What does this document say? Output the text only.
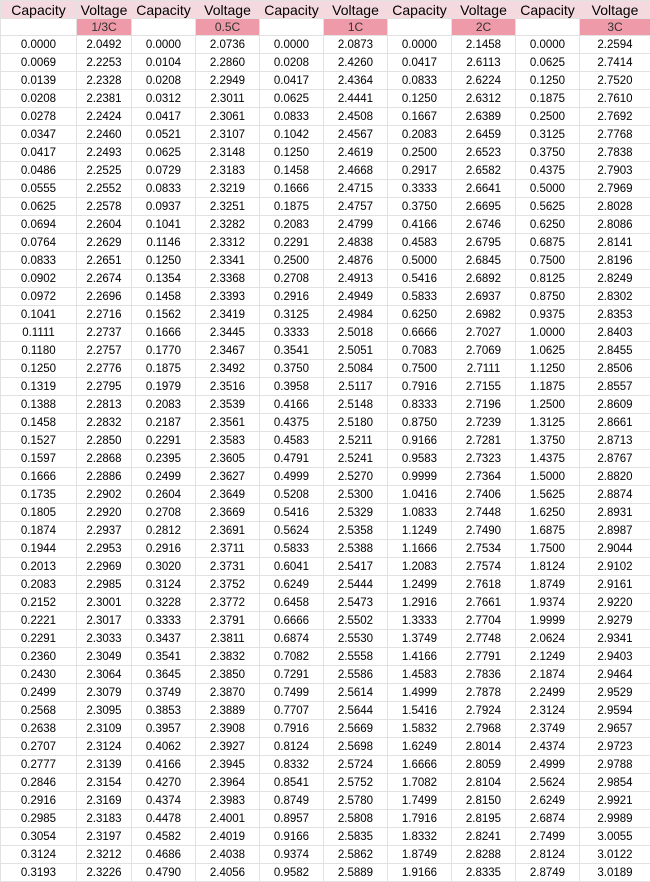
Capacity	Voltage	Capacity	Voltage	Capacity	Voltage	Capacity	Voltage	Capacity	Voltage
	1/3C		0.5C		1C		2C		3C
0.0000	2.0492	0.0000	2.0736	0.0000	2.0873	0.0000	2.1458	0.0000	2.2594
0.0069	2.2253	0.0104	2.2860	0.0208	2.4260	0.0417	2.6113	0.0625	2.7414
0.0139	2.2328	0.0208	2.2949	0.0417	2.4364	0.0833	2.6224	0.1250	2.7520
0.0208	2.2381	0.0312	2.3011	0.0625	2.4441	0.1250	2.6312	0.1875	2.7610
0.0278	2.2424	0.0417	2.3061	0.0833	2.4508	0.1667	2.6389	0.2500	2.7692
0.0347	2.2460	0.0521	2.3107	0.1042	2.4567	0.2083	2.6459	0.3125	2.7768
0.0417	2.2493	0.0625	2.3148	0.1250	2.4619	0.2500	2.6523	0.3750	2.7838
0.0486	2.2525	0.0729	2.3183	0.1458	2.4668	0.2917	2.6582	0.4375	2.7903
0.0555	2.2552	0.0833	2.3219	0.1666	2.4715	0.3333	2.6641	0.5000	2.7969
0.0625	2.2578	0.0937	2.3251	0.1875	2.4757	0.3750	2.6695	0.5625	2.8028
0.0694	2.2604	0.1041	2.3282	0.2083	2.4799	0.4166	2.6746	0.6250	2.8086
0.0764	2.2629	0.1146	2.3312	0.2291	2.4838	0.4583	2.6795	0.6875	2.8141
0.0833	2.2651	0.1250	2.3341	0.2500	2.4876	0.5000	2.6845	0.7500	2.8196
0.0902	2.2674	0.1354	2.3368	0.2708	2.4913	0.5416	2.6892	0.8125	2.8249
0.0972	2.2696	0.1458	2.3393	0.2916	2.4949	0.5833	2.6937	0.8750	2.8302
0.1041	2.2716	0.1562	2.3419	0.3125	2.4984	0.6250	2.6982	0.9375	2.8353
0.1111	2.2737	0.1666	2.3445	0.3333	2.5018	0.6666	2.7027	1.0000	2.8403
0.1180	2.2757	0.1770	2.3467	0.3541	2.5051	0.7083	2.7069	1.0625	2.8455
0.1250	2.2776	0.1875	2.3492	0.3750	2.5084	0.7500	2.7111	1.1250	2.8506
0.1319	2.2795	0.1979	2.3516	0.3958	2.5117	0.7916	2.7155	1.1875	2.8557
0.1388	2.2813	0.2083	2.3539	0.4166	2.5148	0.8333	2.7196	1.2500	2.8609
0.1458	2.2832	0.2187	2.3561	0.4375	2.5180	0.8750	2.7239	1.3125	2.8661
0.1527	2.2850	0.2291	2.3583	0.4583	2.5211	0.9166	2.7281	1.3750	2.8713
0.1597	2.2868	0.2395	2.3605	0.4791	2.5241	0.9583	2.7323	1.4375	2.8767
0.1666	2.2886	0.2499	2.3627	0.4999	2.5270	0.9999	2.7364	1.5000	2.8820
0.1735	2.2902	0.2604	2.3649	0.5208	2.5300	1.0416	2.7406	1.5625	2.8874
0.1805	2.2920	0.2708	2.3669	0.5416	2.5329	1.0833	2.7448	1.6250	2.8931
0.1874	2.2937	0.2812	2.3691	0.5624	2.5358	1.1249	2.7490	1.6875	2.8987
0.1944	2.2953	0.2916	2.3711	0.5833	2.5388	1.1666	2.7534	1.7500	2.9044
0.2013	2.2969	0.3020	2.3731	0.6041	2.5417	1.2083	2.7574	1.8124	2.9102
0.2083	2.2985	0.3124	2.3752	0.6249	2.5444	1.2499	2.7618	1.8749	2.9161
0.2152	2.3001	0.3228	2.3772	0.6458	2.5473	1.2916	2.7661	1.9374	2.9220
0.2221	2.3017	0.3333	2.3791	0.6666	2.5502	1.3333	2.7704	1.9999	2.9279
0.2291	2.3033	0.3437	2.3811	0.6874	2.5530	1.3749	2.7748	2.0624	2.9341
0.2360	2.3049	0.3541	2.3832	0.7082	2.5558	1.4166	2.7791	2.1249	2.9403
0.2430	2.3064	0.3645	2.3850	0.7291	2.5586	1.4583	2.7836	2.1874	2.9464
0.2499	2.3079	0.3749	2.3870	0.7499	2.5614	1.4999	2.7878	2.2499	2.9529
0.2568	2.3095	0.3853	2.3889	0.7707	2.5644	1.5416	2.7924	2.3124	2.9594
0.2638	2.3109	0.3957	2.3908	0.7916	2.5669	1.5832	2.7968	2.3749	2.9657
0.2707	2.3124	0.4062	2.3927	0.8124	2.5698	1.6249	2.8014	2.4374	2.9723
0.2777	2.3139	0.4166	2.3945	0.8332	2.5724	1.6666	2.8059	2.4999	2.9788
0.2846	2.3154	0.4270	2.3964	0.8541	2.5752	1.7082	2.8104	2.5624	2.9854
0.2916	2.3169	0.4374	2.3983	0.8749	2.5780	1.7499	2.8150	2.6249	2.9921
0.2985	2.3183	0.4478	2.4001	0.8957	2.5808	1.7916	2.8195	2.6874	2.9989
0.3054	2.3197	0.4582	2.4019	0.9166	2.5835	1.8332	2.8241	2.7499	3.0055
0.3124	2.3212	0.4686	2.4038	0.9374	2.5862	1.8749	2.8288	2.8124	3.0122
0.3193	2.3226	0.4790	2.4056	0.9582	2.5889	1.9166	2.8335	2.8749	3.0189
